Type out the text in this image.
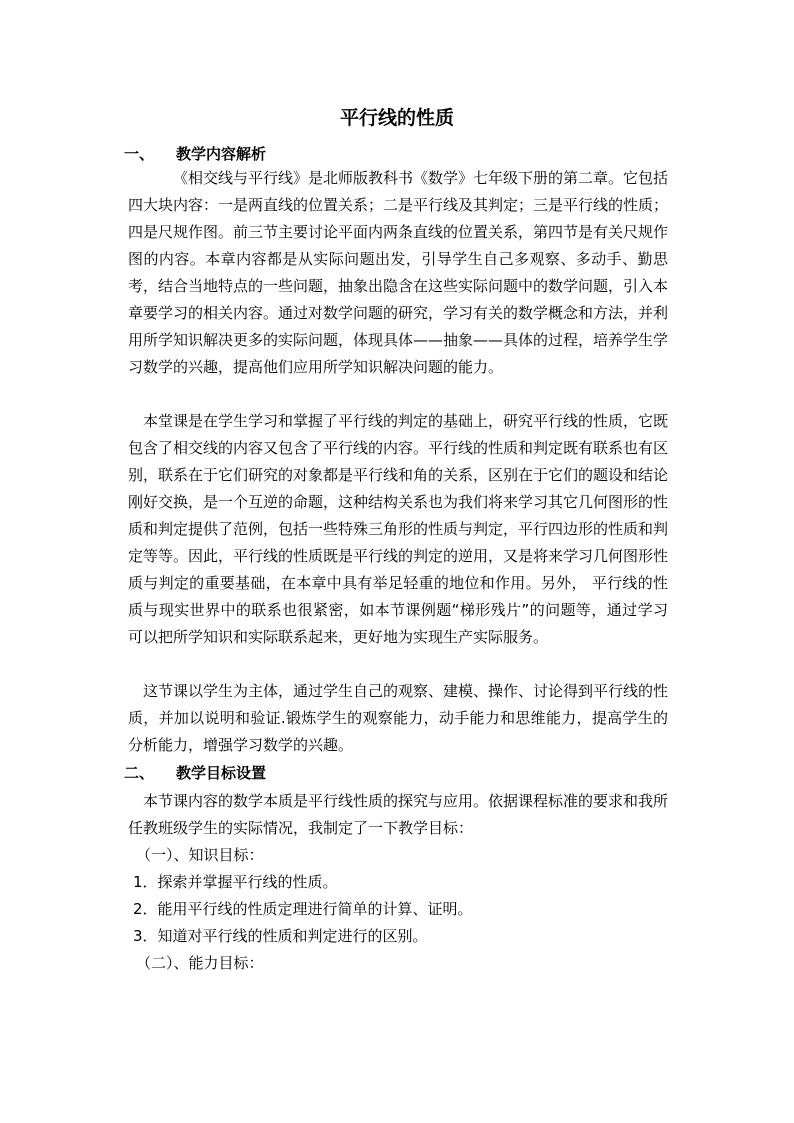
平行线的性质
一、 教学内容解析
《相交线与平行线》是北师版教科书《数学》七年级下册的第二章。它包括四大块内容：一是两直线的位置关系；二是平行线及其判定；三是平行线的性质；四是尺规作图。前三节主要讨论平面内两条直线的位置关系，第四节是有关尺规作图的内容。本章内容都是从实际问题出发，引导学生自己多观察、多动手、勤思考，结合当地特点的一些问题，抽象出隐含在这些实际问题中的数学问题，引入本章要学习的相关内容。通过对数学问题的研究，学习有关的数学概念和方法，并利用所学知识解决更多的实际问题，体现具体——抽象——具体的过程，培养学生学习数学的兴趣，提高他们应用所学知识解决问题的能力。
本堂课是在学生学习和掌握了平行线的判定的基础上，研究平行线的性质，它既包含了相交线的内容又包含了平行线的内容。平行线的性质和判定既有联系也有区别，联系在于它们研究的对象都是平行线和角的关系，区别在于它们的题设和结论刚好交换，是一个互逆的命题，这种结构关系也为我们将来学习其它几何图形的性质和判定提供了范例，包括一些特殊三角形的性质与判定，平行四边形的性质和判定等等。因此，平行线的性质既是平行线的判定的逆用，又是将来学习几何图形性质与判定的重要基础，在本章中具有举足轻重的地位和作用。另外， 平行线的性质与现实世界中的联系也很紧密，如本节课例题“梯形残片”的问题等，通过学习可以把所学知识和实际联系起来，更好地为实现生产实际服务。
这节课以学生为主体，通过学生自己的观察、建模、操作、讨论得到平行线的性质，并加以说明和验证.锻炼学生的观察能力，动手能力和思维能力，提高学生的分析能力，增强学习数学的兴趣。
二、 教学目标设置
本节课内容的数学本质是平行线性质的探究与应用。依据课程标准的要求和我所任教班级学生的实际情况，我制定了一下教学目标：
（一）、知识目标：
1．探索并掌握平行线的性质。
2．能用平行线的性质定理进行简单的计算、证明。
3．知道对平行线的性质和判定进行的区别。
（二）、能力目标：
